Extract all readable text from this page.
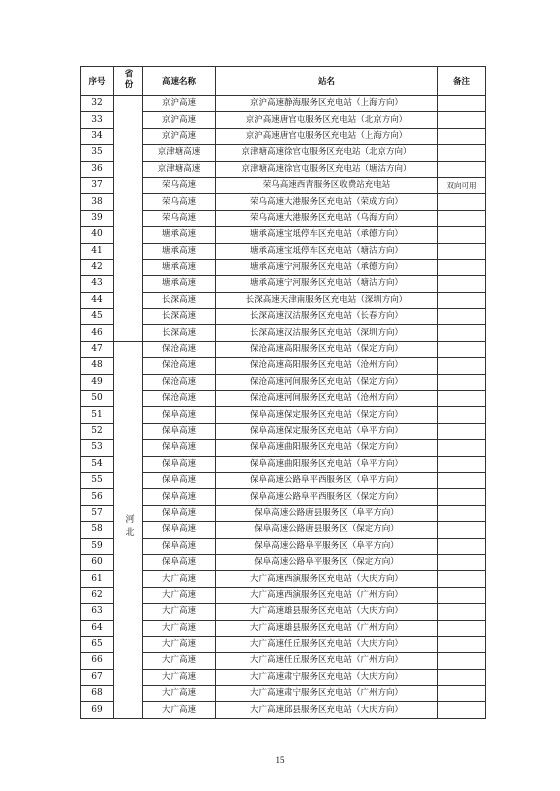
序号	省份	高速名称	站名	备注
32		京沪高速	京沪高速静海服务区充电站（上海方向）	
33		京沪高速	京沪高速唐官屯服务区充电站（北京方向）	
34		京沪高速	京沪高速唐官屯服务区充电站（上海方向）	
35		京津塘高速	京津塘高速徐官屯服务区充电站（北京方向）	
36		京津塘高速	京津塘高速徐官屯服务区充电站（塘沽方向）	
37		荣乌高速	荣乌高速西青服务区收费站充电站	双向可用
38		荣乌高速	荣乌高速大港服务区充电站（荣成方向）	
39		荣乌高速	荣乌高速大港服务区充电站（乌海方向）	
40		塘承高速	塘承高速宝坻停车区充电站（承德方向）	
41		塘承高速	塘承高速宝坻停车区充电站（塘沽方向）	
42		塘承高速	塘承高速宁河服务区充电站（承德方向）	
43		塘承高速	塘承高速宁河服务区充电站（塘沽方向）	
44		长深高速	长深高速天津南服务区充电站（深圳方向）	
45		长深高速	长深高速汉沽服务区充电站（长春方向）	
46		长深高速	长深高速汉沽服务区充电站（深圳方向）	
47	河北	保沧高速	保沧高速高阳服务区充电站（保定方向）	
48		保沧高速	保沧高速高阳服务区充电站（沧州方向）	
49		保沧高速	保沧高速河间服务区充电站（保定方向）	
50		保沧高速	保沧高速河间服务区充电站（沧州方向）	
51		保阜高速	保阜高速保定服务区充电站（保定方向）	
52		保阜高速	保阜高速保定服务区充电站（阜平方向）	
53		保阜高速	保阜高速曲阳服务区充电站（保定方向）	
54		保阜高速	保阜高速曲阳服务区充电站（阜平方向）	
55		保阜高速	保阜高速公路阜平西服务区（阜平方向）	
56		保阜高速	保阜高速公路阜平西服务区（保定方向）	
57		保阜高速	保阜高速公路唐县服务区（阜平方向）	
58		保阜高速	保阜高速公路唐县服务区（保定方向）	
59		保阜高速	保阜高速公路阜平服务区（阜平方向）	
60		保阜高速	保阜高速公路阜平服务区（保定方向）	
61		大广高速	大广高速西演服务区充电站（大庆方向）	
62		大广高速	大广高速西演服务区充电站（广州方向）	
63		大广高速	大广高速雄县服务区充电站（大庆方向）	
64		大广高速	大广高速雄县服务区充电站（广州方向）	
65		大广高速	大广高速任丘服务区充电站（大庆方向）	
66		大广高速	大广高速任丘服务区充电站（广州方向）	
67		大广高速	大广高速肃宁服务区充电站（大庆方向）	
68		大广高速	大广高速肃宁服务区充电站（广州方向）	
69		大广高速	大广高速邱县服务区充电站（大庆方向）	
15
